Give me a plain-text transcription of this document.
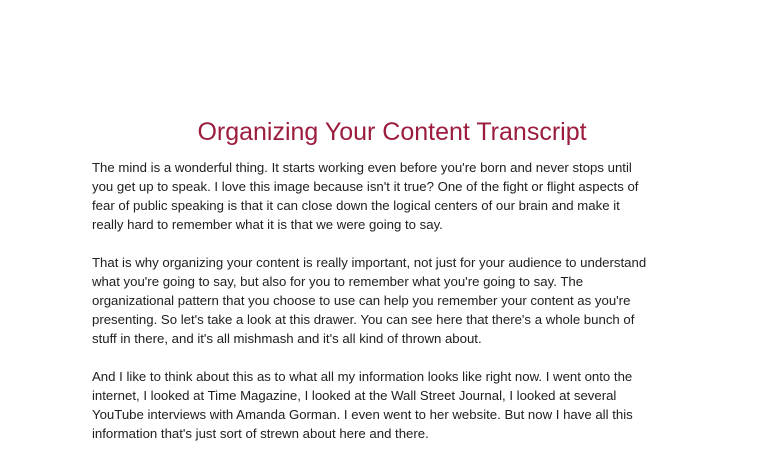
Organizing Your Content Transcript

The mind is a wonderful thing. It starts working even before you're born and never stops until
you get up to speak. I love this image because isn't it true? One of the fight or flight aspects of
fear of public speaking is that it can close down the logical centers of our brain and make it
really hard to remember what it is that we were going to say.

That is why organizing your content is really important, not just for your audience to understand
what you're going to say, but also for you to remember what you're going to say. The
organizational pattern that you choose to use can help you remember your content as you're
presenting. So let's take a look at this drawer. You can see here that there's a whole bunch of
stuff in there, and it's all mishmash and it's all kind of thrown about.

And I like to think about this as to what all my information looks like right now. I went onto the
internet, I looked at Time Magazine, I looked at the Wall Street Journal, I looked at several
YouTube interviews with Amanda Gorman. I even went to her website. But now I have all this
information that's just sort of strewn about here and there.
